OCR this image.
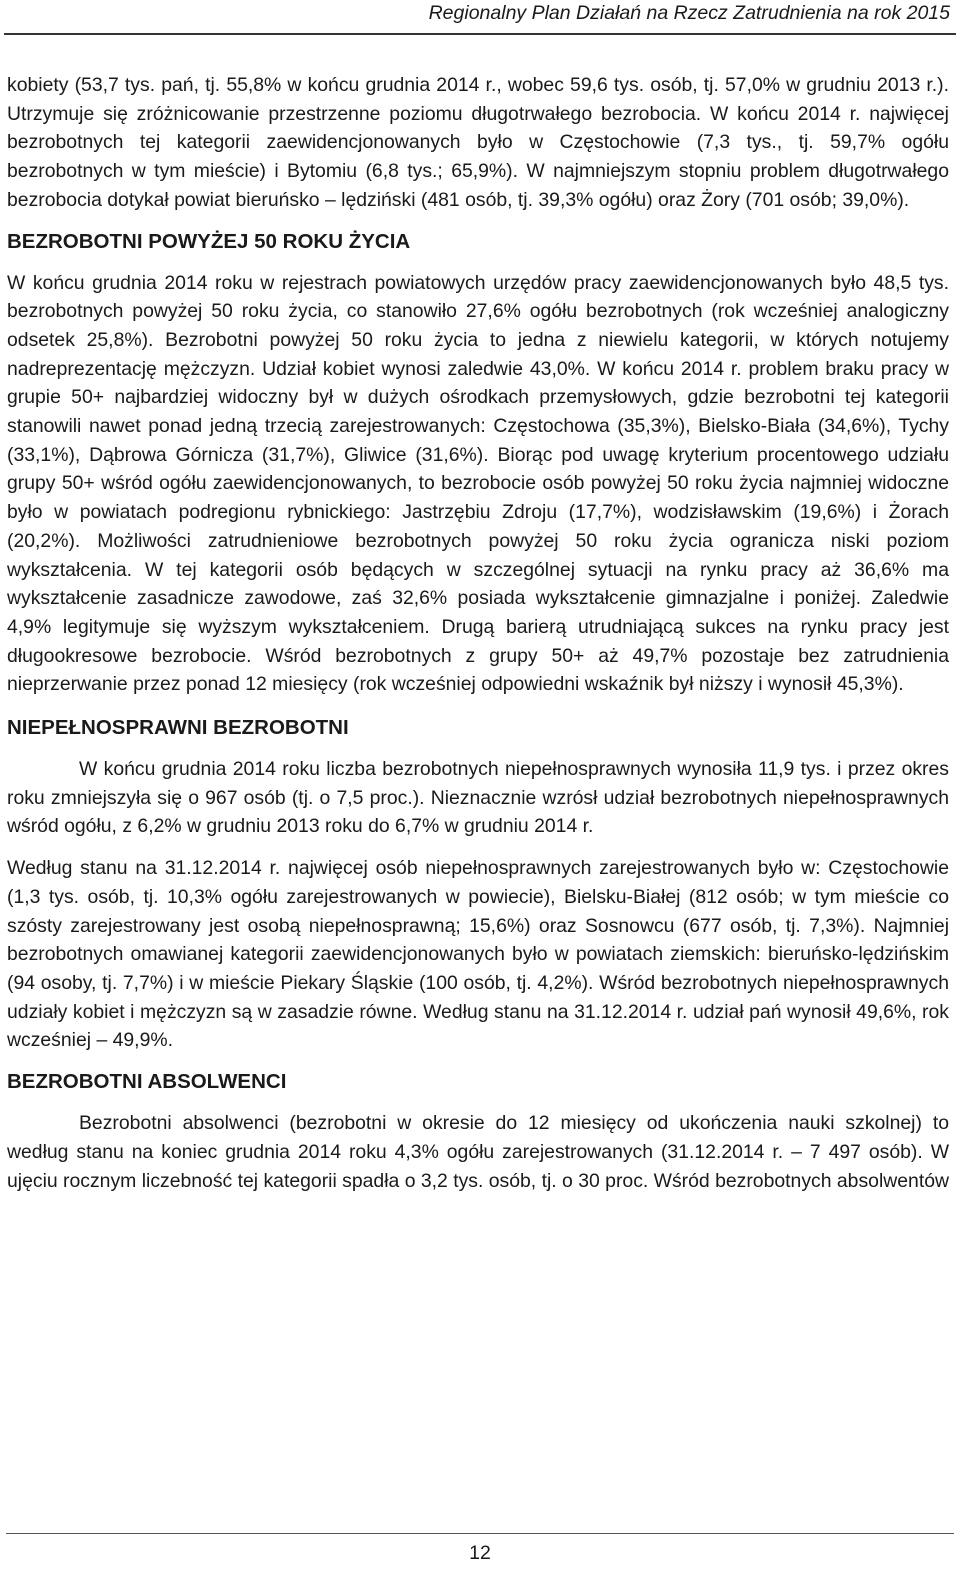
Regionalny Plan Działań na Rzecz Zatrudnienia na rok 2015

kobiety (53,7 tys. pań, tj. 55,8% w końcu grudnia 2014 r., wobec 59,6 tys. osób, tj. 57,0% w grudniu 2013 r.). Utrzymuje się zróżnicowanie przestrzenne poziomu długotrwałego bezrobocia. W końcu 2014 r. najwięcej bezrobotnych tej kategorii zaewidencjonowanych było w Częstochowie (7,3 tys., tj. 59,7% ogółu bezrobotnych w tym mieście) i Bytomiu (6,8 tys.; 65,9%). W najmniejszym stopniu problem długotrwałego bezrobocia dotykał powiat bieruńsko – lędziński (481 osób, tj. 39,3% ogółu) oraz Żory (701 osób; 39,0%).

BEZROBOTNI POWYŻEJ 50 ROKU ŻYCIA

W końcu grudnia 2014 roku w rejestrach powiatowych urzędów pracy zaewidencjonowanych było 48,5 tys. bezrobotnych powyżej 50 roku życia, co stanowiło 27,6% ogółu bezrobotnych (rok wcześniej analogiczny odsetek 25,8%). Bezrobotni powyżej 50 roku życia to jedna z niewielu kategorii, w których notujemy nadreprezentację mężczyzn. Udział kobiet wynosi zaledwie 43,0%. W końcu 2014 r. problem braku pracy w grupie 50+ najbardziej widoczny był w dużych ośrodkach przemysłowych, gdzie bezrobotni tej kategorii stanowili nawet ponad jedną trzecią zarejestrowanych: Częstochowa (35,3%), Bielsko-Biała (34,6%), Tychy (33,1%), Dąbrowa Górnicza (31,7%), Gliwice (31,6%). Biorąc pod uwagę kryterium procentowego udziału grupy 50+ wśród ogółu zaewidencjonowanych, to bezrobocie osób powyżej 50 roku życia najmniej widoczne było w powiatach podregionu rybnickiego: Jastrzębiu Zdroju (17,7%), wodzisławskim (19,6%) i Żorach (20,2%). Możliwości zatrudnieniowe bezrobotnych powyżej 50 roku życia ogranicza niski poziom wykształcenia. W tej kategorii osób będących w szczególnej sytuacji na rynku pracy aż 36,6% ma wykształcenie zasadnicze zawodowe, zaś 32,6% posiada wykształcenie gimnazjalne i poniżej. Zaledwie 4,9% legitymuje się wyższym wykształceniem. Drugą barierą utrudniającą sukces na rynku pracy jest długookresowe bezrobocie. Wśród bezrobotnych z grupy 50+ aż 49,7% pozostaje bez zatrudnienia nieprzerwanie przez ponad 12 miesięcy (rok wcześniej odpowiedni wskaźnik był niższy i wynosił 45,3%).

NIEPEŁNOSPRAWNI BEZROBOTNI

W końcu grudnia 2014 roku liczba bezrobotnych niepełnosprawnych wynosiła 11,9 tys. i przez okres roku zmniejszyła się o 967 osób (tj. o 7,5 proc.). Nieznacznie wzrósł udział bezrobotnych niepełnosprawnych wśród ogółu, z 6,2% w grudniu 2013 roku do 6,7% w grudniu 2014 r.

Według stanu na 31.12.2014 r. najwięcej osób niepełnosprawnych zarejestrowanych było w: Częstochowie (1,3 tys. osób, tj. 10,3% ogółu zarejestrowanych w powiecie), Bielsku-Białej (812 osób; w tym mieście co szósty zarejestrowany jest osobą niepełnosprawną; 15,6%) oraz Sosnowcu (677 osób, tj. 7,3%). Najmniej bezrobotnych omawianej kategorii zaewidencjonowanych było w powiatach ziemskich: bieruńsko-lędzińskim (94 osoby, tj. 7,7%) i w mieście Piekary Śląskie (100 osób, tj. 4,2%). Wśród bezrobotnych niepełnosprawnych udziały kobiet i mężczyzn są w zasadzie równe. Według stanu na 31.12.2014 r. udział pań wynosił 49,6%, rok wcześniej – 49,9%.

BEZROBOTNI ABSOLWENCI

Bezrobotni absolwenci (bezrobotni w okresie do 12 miesięcy od ukończenia nauki szkolnej) to według stanu na koniec grudnia 2014 roku 4,3% ogółu zarejestrowanych (31.12.2014 r. – 7 497 osób). W ujęciu rocznym liczebność tej kategorii spadła o 3,2 tys. osób, tj. o 30 proc. Wśród bezrobotnych absolwentów

12
